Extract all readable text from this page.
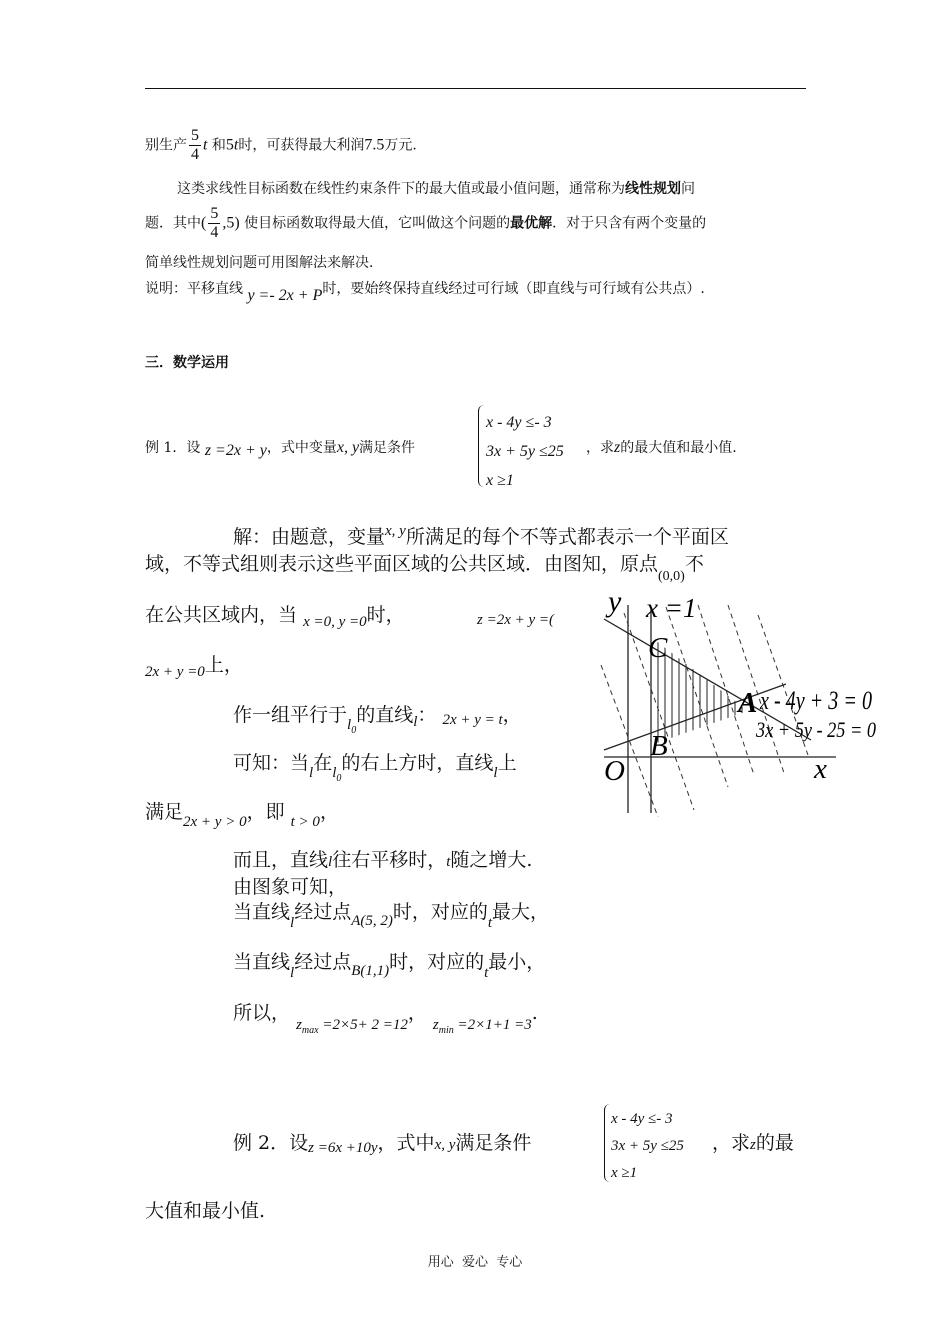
别生产 $\frac{5}{4}$ t 和5t时，可获得最大利润7.5万元.
这类求线性目标函数在线性约束条件下的最大值或最小值问题，通常称为线性规划问
题．其中( $\frac{5}{4} ,5$) 使目标函数取得最大值，它叫做这个问题的最优解．对于只含有两个变量的
简单线性规划问题可用图解法来解决．
说明：平移直线 y =- 2x + P时，要始终保持直线经过可行域（即直线与可行域有公共点）.
三．数学运用
例 1．设 z =2x + y，式中变量x, y满足条件
x - 4y ≤- 3
3x + 5y ≤25
x ≥1
，求z的最大值和最小值.
解：由题意，变量$^{x, y}$所满足的每个不等式都表示一个平面区
域，不等式组则表示这些平面区域的公共区域．由图知，原点$_{(0,0)}$不
在公共区域内，当 $_{x =0, y =0}$时，	z =2x + y =(
$_{2x + y =0}$上，
作一组平行于$_{l_0}$的直线$_l$： 2x + y = t，
可知：当$_l$在$_{l_0}$的右上方时，直线$_l$上
满足$_{2x + y > 0}$，即 $_{t > 0}$，
而且，直线l往右平移时，t随之增大.
由图象可知，
当直线$_l$经过点$_{A(5, 2)}$时，对应的$_t$最大，
当直线$_l$经过点$_{B(1,1)}$时，对应的$_t$最小，
所以， $_{z_{max} =2\times 5+ 2 =12}$， $_{z_{min} =2\times 1+1 =3}$.
y x =1
C
A
B
O	x
x - 4y + 3 = 0
3x + 5y - 25 = 0
例 2．设z =6x +10y，式中x, y满足条件
x - 4y ≤- 3
3x + 5y ≤25
x ≥1
，求z的最
大值和最小值.
用心  爱心  专心
